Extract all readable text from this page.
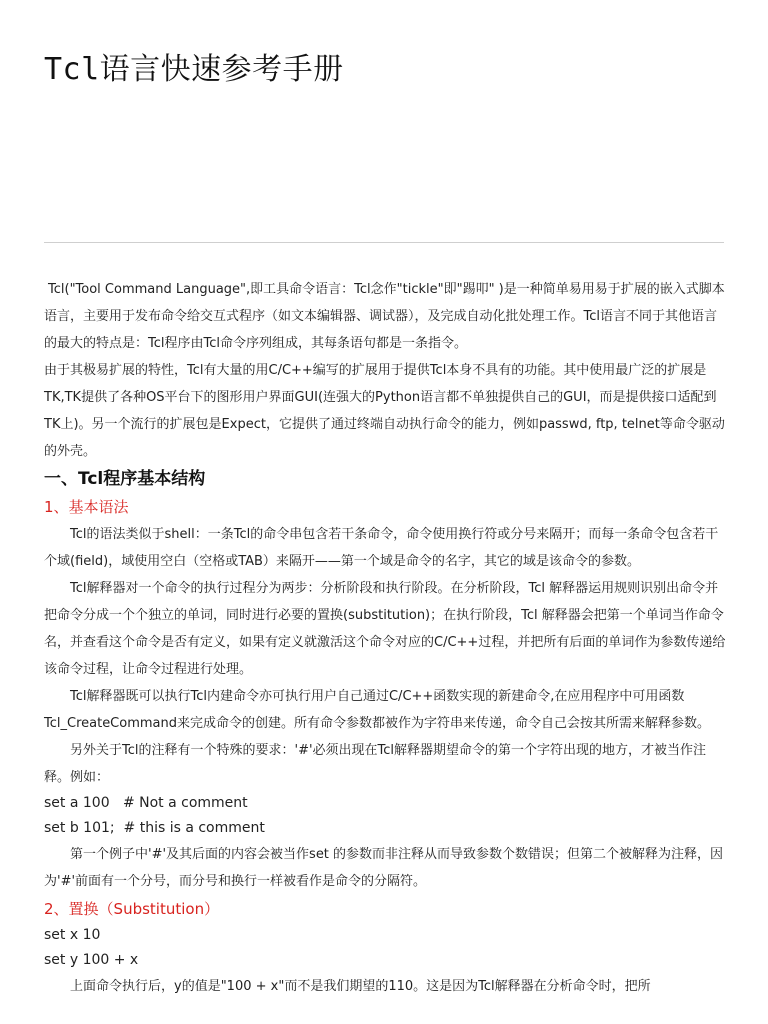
Tcl语言快速参考手册

Tcl("Tool Command Language",即工具命令语言：Tcl念作"tickle"即"踢叩" )是一种简单易用易于扩展的嵌入式脚本语言，主要用于发布命令给交互式程序（如文本编辑器、调试器），及完成自动化批处理工作。Tcl语言不同于其他语言的最大的特点是：Tcl程序由Tcl命令序列组成，其每条语句都是一条指令。

由于其极易扩展的特性，Tcl有大量的用C/C++编写的扩展用于提供Tcl本身不具有的功能。其中使用最广泛的扩展是TK,TK提供了各种OS平台下的图形用户界面GUI(连强大的Python语言都不单独提供自己的GUI，而是提供接口适配到TK上)。另一个流行的扩展包是Expect，它提供了通过终端自动执行命令的能力，例如passwd, ftp, telnet等命令驱动的外壳。

一、Tcl程序基本结构
1、基本语法

Tcl的语法类似于shell：一条Tcl的命令串包含若干条命令，命令使用换行符或分号来隔开；而每一条命令包含若干个域(field)，域使用空白（空格或TAB）来隔开——第一个域是命令的名字，其它的域是该命令的参数。

Tcl解释器对一个命令的执行过程分为两步：分析阶段和执行阶段。在分析阶段，Tcl 解释器运用规则识别出命令并把命令分成一个个独立的单词，同时进行必要的置换(substitution)；在执行阶段，Tcl 解释器会把第一个单词当作命令名，并查看这个命令是否有定义，如果有定义就激活这个命令对应的C/C++过程，并把所有后面的单词作为参数传递给该命令过程，让命令过程进行处理。

Tcl解释器既可以执行Tcl内建命令亦可执行用户自己通过C/C++函数实现的新建命令,在应用程序中可用函数Tcl_CreateCommand来完成命令的创建。所有命令参数都被作为字符串来传递，命令自己会按其所需来解释参数。

另外关于Tcl的注释有一个特殊的要求：'#'必须出现在Tcl解释器期望命令的第一个字符出现的地方，才被当作注释。例如：

set a 100   # Not a comment
set b 101;  # this is a comment

第一个例子中'#'及其后面的内容会被当作set 的参数而非注释从而导致参数个数错误；但第二个被解释为注释，因为'#'前面有一个分号，而分号和换行一样被看作是命令的分隔符。

2、置换（Substitution）
set x 10
set y 100 + x

上面命令执行后，y的值是"100 + x"而不是我们期望的110。这是因为Tcl解释器在分析命令时，把所
